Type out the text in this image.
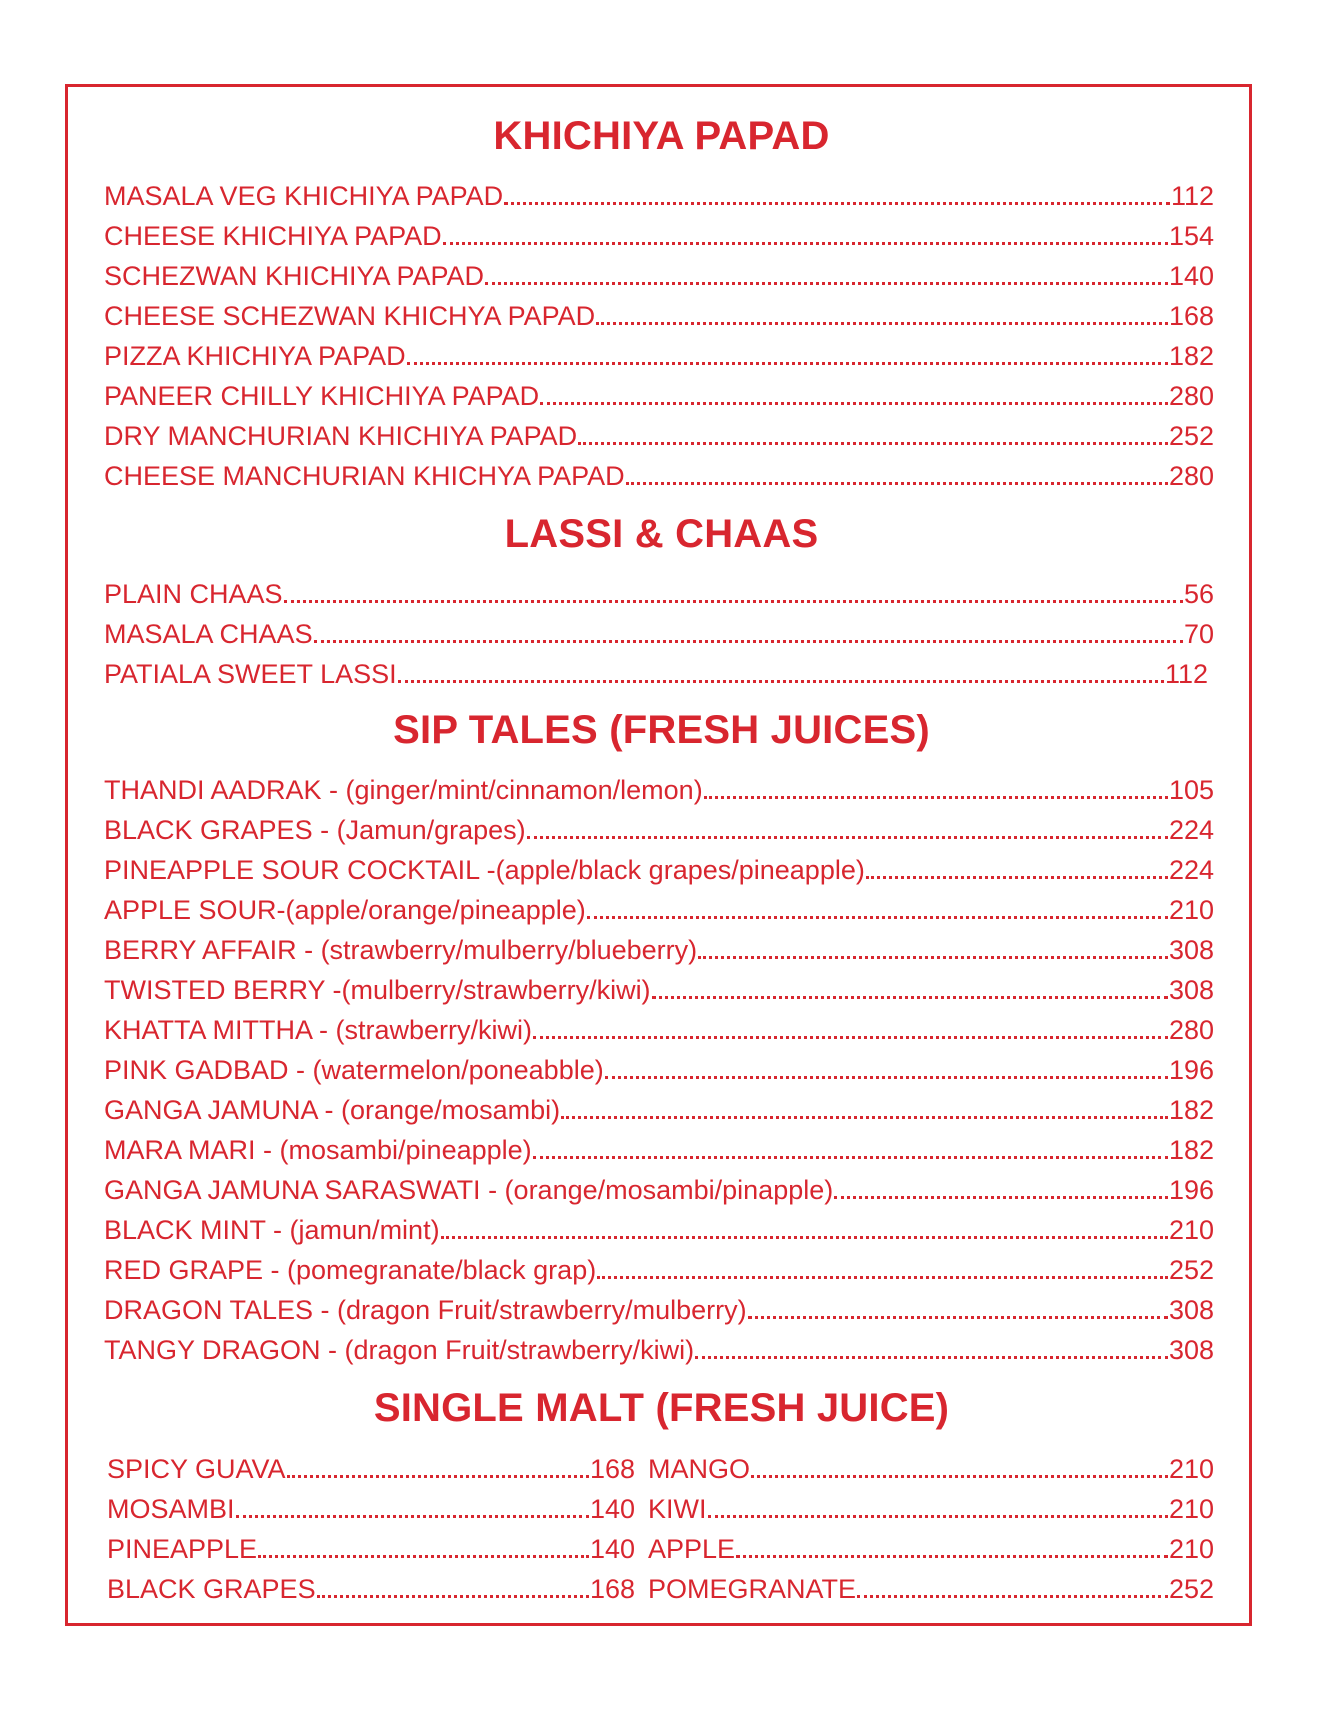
KHICHIYA PAPAD
MASALA VEG KHICHIYA PAPAD	112
CHEESE KHICHIYA PAPAD	154
SCHEZWAN KHICHIYA PAPAD	140
CHEESE SCHEZWAN KHICHYA PAPAD	168
PIZZA KHICHIYA PAPAD	182
PANEER CHILLY KHICHIYA PAPAD	280
DRY MANCHURIAN KHICHIYA PAPAD	252
CHEESE MANCHURIAN KHICHYA PAPAD	280
LASSI & CHAAS
PLAIN CHAAS	56
MASALA CHAAS	70
PATIALA SWEET LASSI	112
SIP TALES (FRESH JUICES)
THANDI AADRAK - (ginger/mint/cinnamon/lemon)	105
BLACK GRAPES - (Jamun/grapes)	224
PINEAPPLE SOUR COCKTAIL -(apple/black grapes/pineapple)	224
APPLE SOUR-(apple/orange/pineapple)	210
BERRY AFFAIR - (strawberry/mulberry/blueberry)	308
TWISTED BERRY -(mulberry/strawberry/kiwi)	308
KHATTA MITTHA - (strawberry/kiwi)	280
PINK GADBAD - (watermelon/poneabble)	196
GANGA JAMUNA - (orange/mosambi)	182
MARA MARI - (mosambi/pineapple)	182
GANGA JAMUNA SARASWATI - (orange/mosambi/pinapple)	196
BLACK MINT - (jamun/mint)	210
RED GRAPE - (pomegranate/black grap)	252
DRAGON TALES - (dragon Fruit/strawberry/mulberry)	308
TANGY DRAGON - (dragon Fruit/strawberry/kiwi)	308
SINGLE MALT (FRESH JUICE)
SPICY GUAVA	168
MOSAMBI	140
PINEAPPLE	140
BLACK GRAPES	168
MANGO	210
KIWI	210
APPLE	210
POMEGRANATE	252
